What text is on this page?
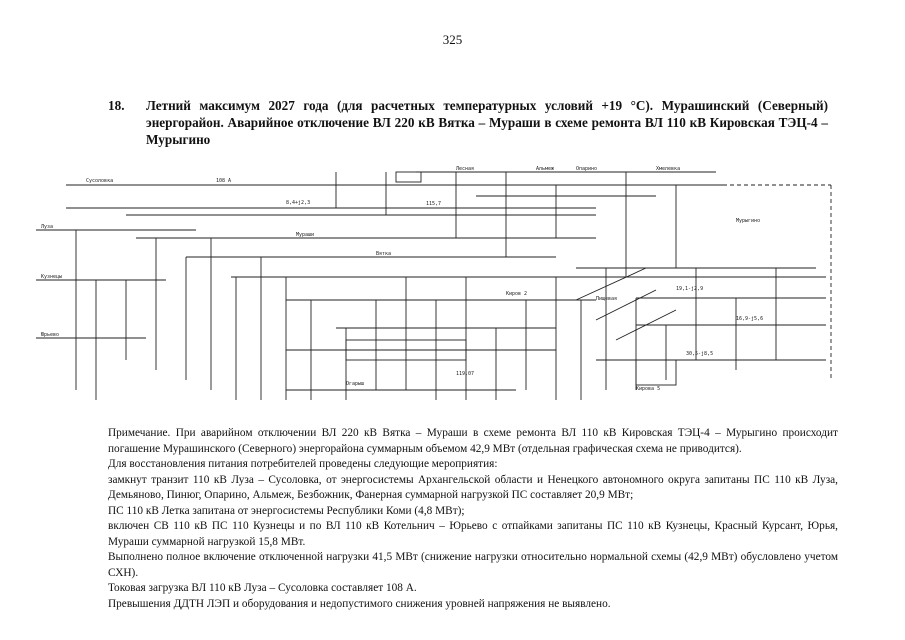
325
18. Летний максимум 2027 года (для расчетных температурных условий +19 °С). Мурашинский (Северный) энергорайон. Аварийное отключение ВЛ 220 кВ Вятка – Мураши в схеме ремонта ВЛ 110 кВ Кировская ТЭЦ-4 – Мурыгино
Сусоловка
Луза
Кузнецы
Мураши
Вятка
Опарино
Альмеж
Лесная	Хмелевка
Киров 2
Кирова 5
Юрьево
Мурыгино
Пищевая
108 А
8,4+j2,3	115,7
19,1-j2,9
16,9-j5,6
30,5-j8,5
119,07
Огарыш

Примечание. При аварийном отключении ВЛ 220 кВ Вятка – Мураши в схеме ремонта ВЛ 110 кВ Кировская ТЭЦ-4 – Мурыгино происходит погашение Мурашинского (Северного) энергорайона суммарным объемом 42,9 МВт (отдельная графическая схема не приводится).

Для восстановления питания потребителей проведены следующие мероприятия:

замкнут транзит 110 кВ Луза – Сусоловка, от энергосистемы Архангельской области и Ненецкого автономного округа запитаны ПС 110 кВ Луза, Демьяново, Пинюг, Опарино, Альмеж, Безбожник, Фанерная суммарной нагрузкой ПС составляет 20,9 МВт;

ПС 110 кВ Летка запитана от энергосистемы Республики Коми (4,8 МВт);

включен СВ 110 кВ ПС 110 Кузнецы и по ВЛ 110 кВ Котельнич – Юрьево с отпайками запитаны ПС 110 кВ Кузнецы, Красный Курсант, Юрья, Мураши суммарной нагрузкой 15,8 МВт.

Выполнено полное включение отключенной нагрузки 41,5 МВт (снижение нагрузки относительно нормальной схемы (42,9 МВт) обусловлено учетом СХН).

Токовая загрузка ВЛ 110 кВ Луза – Сусоловка составляет 108 А.

Превышения ДДТН ЛЭП и оборудования и недопустимого снижения уровней напряжения не выявлено.
